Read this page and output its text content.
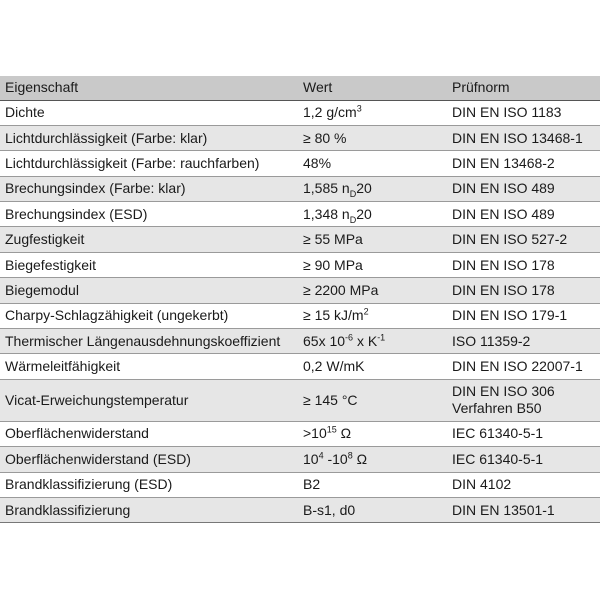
Eigenschaft	Wert	Prüfnorm
Dichte	1,2 $g/cm^3$	DIN EN ISO 1183

Lichtdurchlässigkeit (Farbe: klar)	≥ 80 %	DIN EN ISO 13468-1

Lichtdurchlässigkeit (Farbe: rauchfarben)	48%	DIN EN 13468-2

Brechungsindex (Farbe: klar)	1,585 $n_D20$	DIN EN ISO 489

Brechungsindex (ESD)	1,348 $n_D20$	DIN EN ISO 489

Zugfestigkeit	≥ 55 MPa	DIN EN ISO 527-2

Biegefestigkeit	≥ 90 MPa	DIN EN ISO 178

Biegemodul	≥ 2200 MPa	DIN EN ISO 178

Charpy-Schlagzähigkeit (ungekerbt)	≥ 15 $kJ/m^2$	DIN EN ISO 179-1

Thermischer Längenausdehnungskoeffizient	65x $10^{-6}$ x $K^{-1}$	ISO 11359-2

Wärmeleitfähigkeit	0,2 W/mK	DIN EN ISO 22007-1

Vicat-Erweichungstemperatur	≥ 145 °C	DIN EN ISO 306
Verfahren B50

Oberflächenwiderstand	$>10^{15}$ Ω	IEC 61340-5-1

Oberflächenwiderstand (ESD)	$10^4$ $-10^8$ Ω	IEC 61340-5-1

Brandklassifizierung (ESD)	B2	DIN 4102

Brandklassifizierung	B-s1, d0	DIN EN 13501-1
